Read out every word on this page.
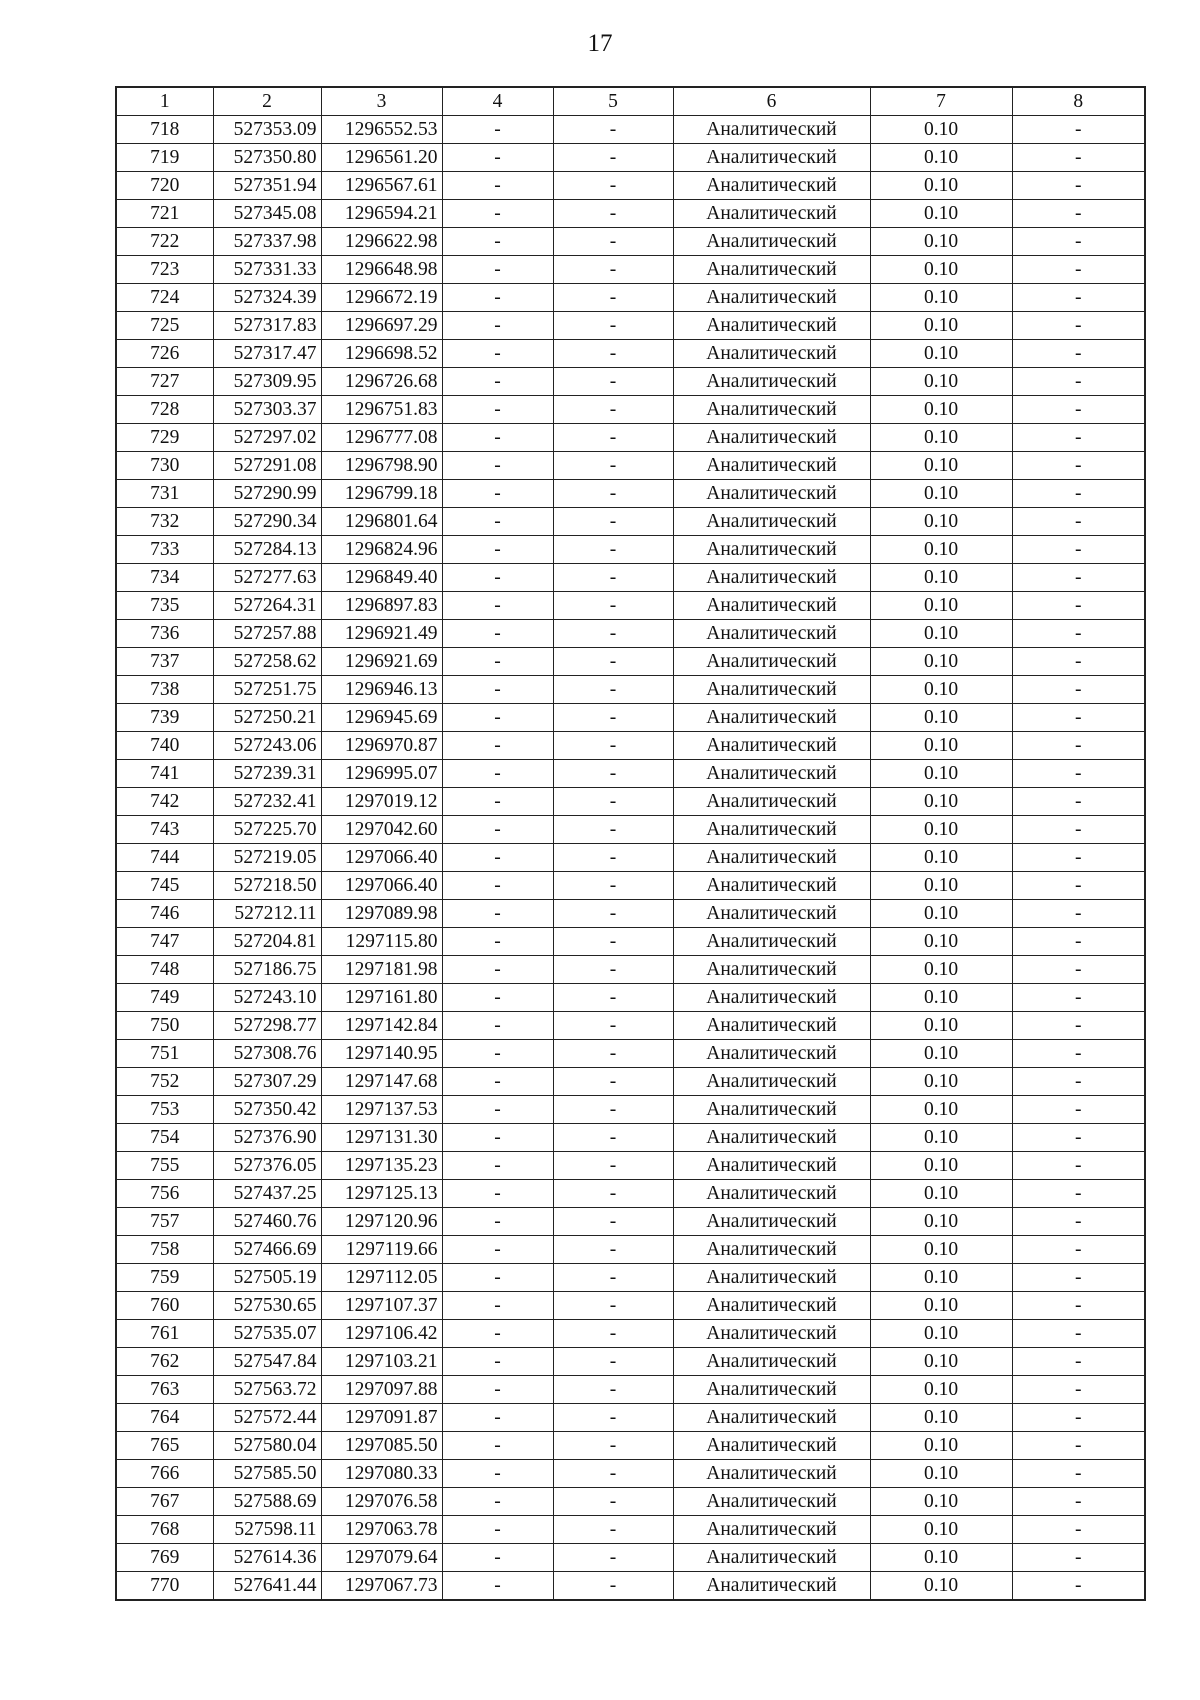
17
1	2	3	4	5	6	7	8
718	527353.09	1296552.53	-	-	Аналитический	0.10	-
719	527350.80	1296561.20	-	-	Аналитический	0.10	-
720	527351.94	1296567.61	-	-	Аналитический	0.10	-
721	527345.08	1296594.21	-	-	Аналитический	0.10	-
722	527337.98	1296622.98	-	-	Аналитический	0.10	-
723	527331.33	1296648.98	-	-	Аналитический	0.10	-
724	527324.39	1296672.19	-	-	Аналитический	0.10	-
725	527317.83	1296697.29	-	-	Аналитический	0.10	-
726	527317.47	1296698.52	-	-	Аналитический	0.10	-
727	527309.95	1296726.68	-	-	Аналитический	0.10	-
728	527303.37	1296751.83	-	-	Аналитический	0.10	-
729	527297.02	1296777.08	-	-	Аналитический	0.10	-
730	527291.08	1296798.90	-	-	Аналитический	0.10	-
731	527290.99	1296799.18	-	-	Аналитический	0.10	-
732	527290.34	1296801.64	-	-	Аналитический	0.10	-
733	527284.13	1296824.96	-	-	Аналитический	0.10	-
734	527277.63	1296849.40	-	-	Аналитический	0.10	-
735	527264.31	1296897.83	-	-	Аналитический	0.10	-
736	527257.88	1296921.49	-	-	Аналитический	0.10	-
737	527258.62	1296921.69	-	-	Аналитический	0.10	-
738	527251.75	1296946.13	-	-	Аналитический	0.10	-
739	527250.21	1296945.69	-	-	Аналитический	0.10	-
740	527243.06	1296970.87	-	-	Аналитический	0.10	-
741	527239.31	1296995.07	-	-	Аналитический	0.10	-
742	527232.41	1297019.12	-	-	Аналитический	0.10	-
743	527225.70	1297042.60	-	-	Аналитический	0.10	-
744	527219.05	1297066.40	-	-	Аналитический	0.10	-
745	527218.50	1297066.40	-	-	Аналитический	0.10	-
746	527212.11	1297089.98	-	-	Аналитический	0.10	-
747	527204.81	1297115.80	-	-	Аналитический	0.10	-
748	527186.75	1297181.98	-	-	Аналитический	0.10	-
749	527243.10	1297161.80	-	-	Аналитический	0.10	-
750	527298.77	1297142.84	-	-	Аналитический	0.10	-
751	527308.76	1297140.95	-	-	Аналитический	0.10	-
752	527307.29	1297147.68	-	-	Аналитический	0.10	-
753	527350.42	1297137.53	-	-	Аналитический	0.10	-
754	527376.90	1297131.30	-	-	Аналитический	0.10	-
755	527376.05	1297135.23	-	-	Аналитический	0.10	-
756	527437.25	1297125.13	-	-	Аналитический	0.10	-
757	527460.76	1297120.96	-	-	Аналитический	0.10	-
758	527466.69	1297119.66	-	-	Аналитический	0.10	-
759	527505.19	1297112.05	-	-	Аналитический	0.10	-
760	527530.65	1297107.37	-	-	Аналитический	0.10	-
761	527535.07	1297106.42	-	-	Аналитический	0.10	-
762	527547.84	1297103.21	-	-	Аналитический	0.10	-
763	527563.72	1297097.88	-	-	Аналитический	0.10	-
764	527572.44	1297091.87	-	-	Аналитический	0.10	-
765	527580.04	1297085.50	-	-	Аналитический	0.10	-
766	527585.50	1297080.33	-	-	Аналитический	0.10	-
767	527588.69	1297076.58	-	-	Аналитический	0.10	-
768	527598.11	1297063.78	-	-	Аналитический	0.10	-
769	527614.36	1297079.64	-	-	Аналитический	0.10	-
770	527641.44	1297067.73	-	-	Аналитический	0.10	-
